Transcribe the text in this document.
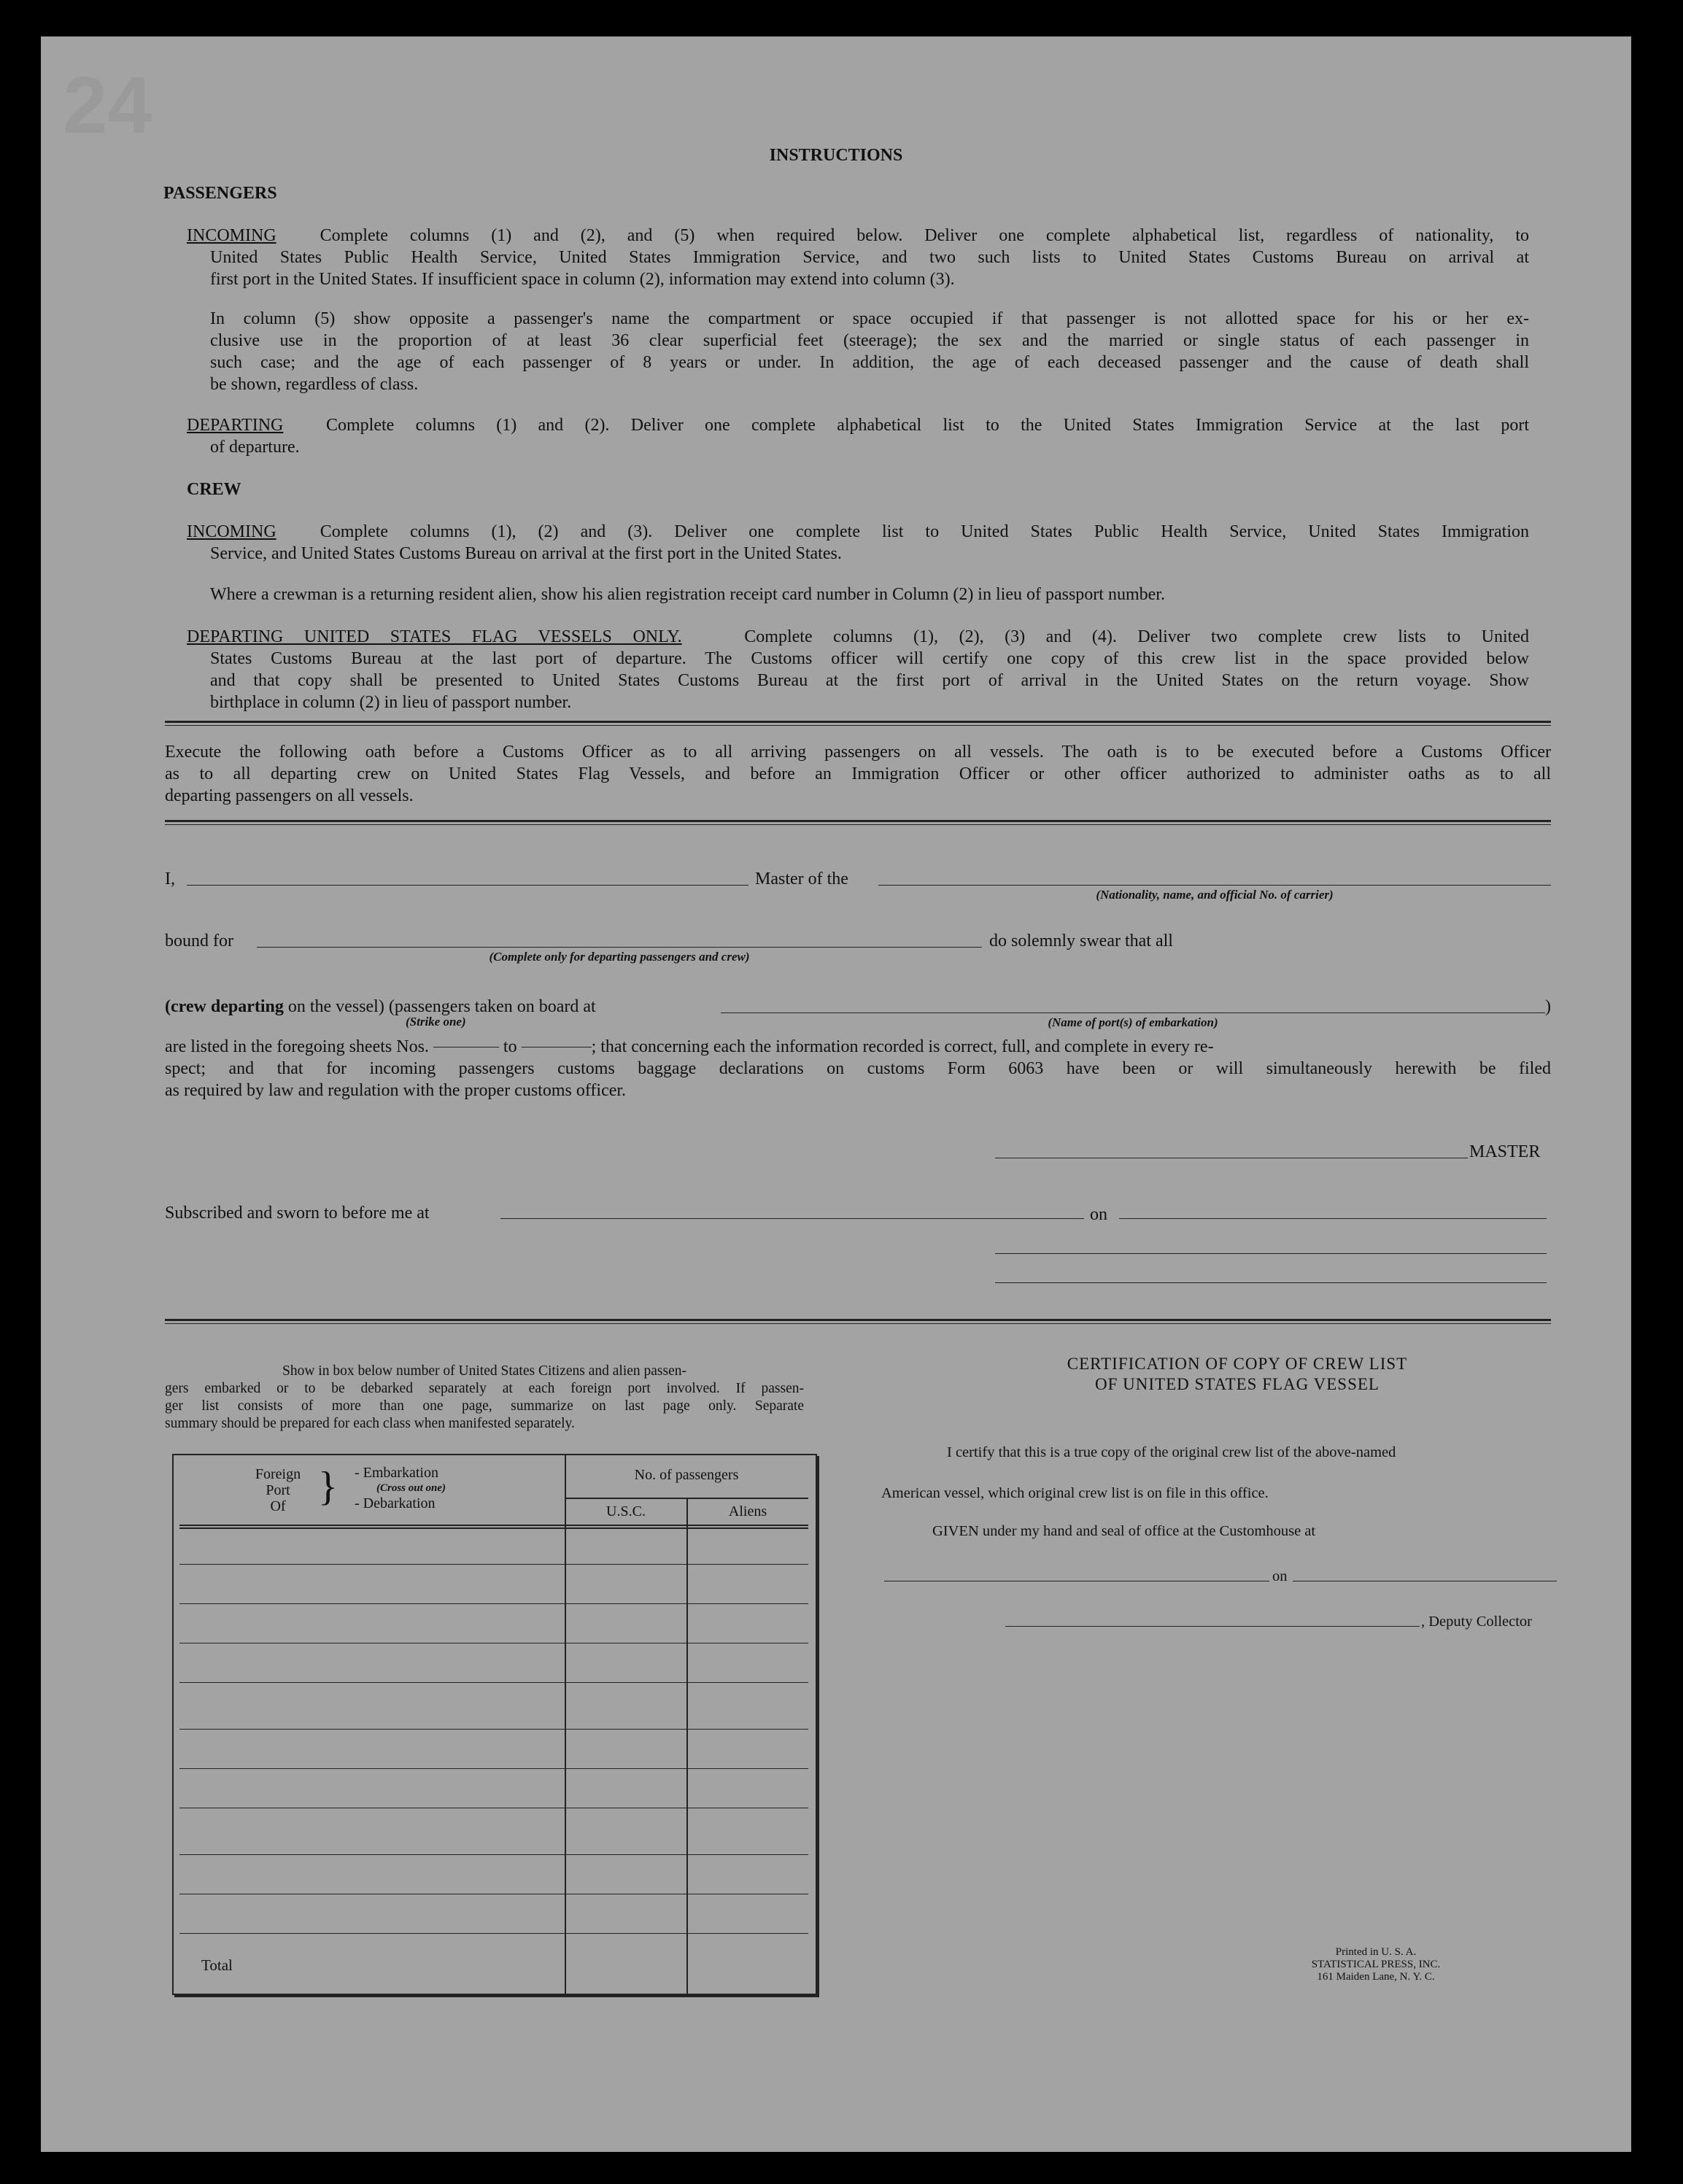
24
INSTRUCTIONS
PASSENGERS
INCOMING Complete columns (1) and (2), and (5) when required below. Deliver one complete alphabetical list, regardless of nationality, to
United States Public Health Service, United States Immigration Service, and two such lists to United States Customs Bureau on arrival at
first port in the United States. If insufficient space in column (2), information may extend into column (3).
In column (5) show opposite a passenger's name the compartment or space occupied if that passenger is not allotted space for his or her ex-
clusive use in the proportion of at least 36 clear superficial feet (steerage); the sex and the married or single status of each passenger in
such case; and the age of each passenger of 8 years or under. In addition, the age of each deceased passenger and the cause of death shall
be shown, regardless of class.
DEPARTING Complete columns (1) and (2). Deliver one complete alphabetical list to the United States Immigration Service at the last port
of departure.
CREW
INCOMING	Complete columns (1), (2) and (3). Deliver one complete list to United States Public Health Service, United States Immigration
Service, and United States Customs Bureau on arrival at the first port in the United States.
Where a crewman is a returning resident alien, show his alien registration receipt card number in Column (2) in lieu of passport number.
DEPARTING UNITED STATES FLAG VESSELS ONLY.	Complete columns (1), (2), (3) and (4). Deliver two complete crew lists to United
States Customs Bureau at the last port of departure. The Customs officer will certify one copy of this crew list in the space provided below
and that copy shall be presented to United States Customs Bureau at the first port of arrival in the United States on the return voyage. Show
birthplace in column (2) in lieu of passport number.
Execute the following oath before a Customs Officer as to all arriving passengers on all vessels. The oath is to be executed before a Customs Officer
as to all departing crew on United States Flag Vessels, and before an Immigration Officer or other officer authorized to administer oaths as to all
departing passengers on all vessels.
I,	Master of the
(Nationality, name, and official No. of carrier)
bound for
(Complete only for departing passengers and crew)
do solemnly swear that all
(crew departing on the vessel) (passengers taken on board at
(Strike one)	(Name of port(s) of embarkation)
)
are listed in the foregoing sheets Nos.	to	; that concerning each the information recorded is correct, full, and complete in every re-
spect; and that for incoming passengers customs baggage declarations on customs Form 6063 have been or will simultaneously herewith be filed
as required by law and regulation with the proper customs officer.
MASTER
Subscribed and sworn to before me at	on
Show in box below number of United States Citizens and alien passen-
gers embarked or to be debarked separately at each foreign port involved. If passen-
ger list consists of more than one page, summarize on last page only. Separate
summary should be prepared for each class when manifested separately.
Foreign
Port
Of } - Embarkation
(Cross out one)
- Debarkation
No. of passengers
U.S.C.	Aliens
Total
CERTIFICATION OF COPY OF CREW LIST
OF UNITED STATES FLAG VESSEL
I certify that this is a true copy of the original crew list of the above-named
American vessel, which original crew list is on file in this office.
GIVEN under my hand and seal of office at the Customhouse at
on
, Deputy Collector
Printed in U. S. A.
STATISTICAL PRESS, INC.
161 Maiden Lane, N. Y. C.
